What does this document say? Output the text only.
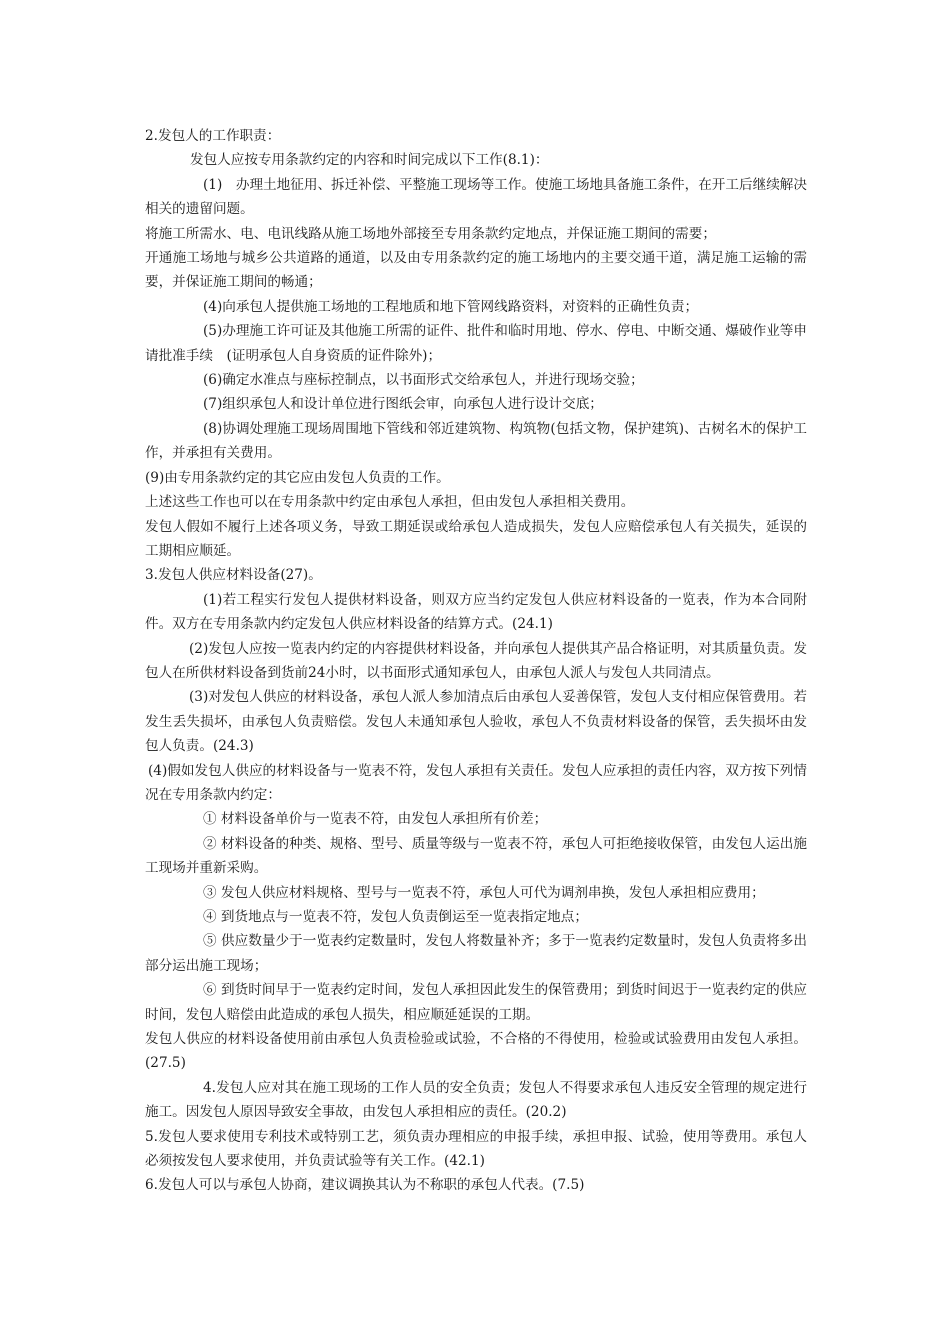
2.发包人的工作职责：

发包人应按专用条款约定的内容和时间完成以下工作(8.1)：

(1)　办理土地征用、拆迁补偿、平整施工现场等工作。使施工场地具备施工条件，在开工后继续解决相关的遗留问题。

将施工所需水、电、电讯线路从施工场地外部接至专用条款约定地点，并保证施工期间的需要；

开通施工场地与城乡公共道路的通道，以及由专用条款约定的施工场地内的主要交通干道，满足施工运输的需要，并保证施工期间的畅通；

(4)向承包人提供施工场地的工程地质和地下管网线路资料，对资料的正确性负责；

(5)办理施工许可证及其他施工所需的证件、批件和临时用地、停水、停电、中断交通、爆破作业等申请批准手续　(证明承包人自身资质的证件除外)；

(6)确定水准点与座标控制点，以书面形式交给承包人，并进行现场交验；

(7)组织承包人和设计单位进行图纸会审，向承包人进行设计交底；

(8)协调处理施工现场周围地下管线和邻近建筑物、构筑物(包括文物，保护建筑)、古树名木的保护工作，并承担有关费用。

(9)由专用条款约定的其它应由发包人负责的工作。

上述这些工作也可以在专用条款中约定由承包人承担，但由发包人承担相关费用。

发包人假如不履行上述各项义务，导致工期延误或给承包人造成损失，发包人应赔偿承包人有关损失，延误的工期相应顺延。

3.发包人供应材料设备(27)。

(1)若工程实行发包人提供材料设备，则双方应当约定发包人供应材料设备的一览表，作为本合同附件。双方在专用条款内约定发包人供应材料设备的结算方式。(24.1)

(2)发包人应按一览表内约定的内容提供材料设备，并向承包人提供其产品合格证明，对其质量负责。发包人在所供材料设备到货前24小时，以书面形式通知承包人，由承包人派人与发包人共同清点。

(3)对发包人供应的材料设备，承包人派人参加清点后由承包人妥善保管，发包人支付相应保管费用。若发生丢失损坏，由承包人负责赔偿。发包人未通知承包人验收，承包人不负责材料设备的保管，丢失损坏由发包人负责。(24.3)

(4)假如发包人供应的材料设备与一览表不符，发包人承担有关责任。发包人应承担的责任内容，双方按下列情况在专用条款内约定：

① 材料设备单价与一览表不符，由发包人承担所有价差；

② 材料设备的种类、规格、型号、质量等级与一览表不符，承包人可拒绝接收保管，由发包人运出施工现场并重新采购。

③ 发包人供应材料规格、型号与一览表不符，承包人可代为调剂串换，发包人承担相应费用；

④ 到货地点与一览表不符，发包人负责倒运至一览表指定地点；

⑤ 供应数量少于一览表约定数量时，发包人将数量补齐；多于一览表约定数量时，发包人负责将多出部分运出施工现场；

⑥ 到货时间早于一览表约定时间，发包人承担因此发生的保管费用；到货时间迟于一览表约定的供应时间，发包人赔偿由此造成的承包人损失，相应顺延延误的工期。

发包人供应的材料设备使用前由承包人负责检验或试验，不合格的不得使用，检验或试验费用由发包人承担。(27.5)

4.发包人应对其在施工现场的工作人员的安全负责；发包人不得要求承包人违反安全管理的规定进行施工。因发包人原因导致安全事故，由发包人承担相应的责任。(20.2)

5.发包人要求使用专利技术或特别工艺，须负责办理相应的申报手续，承担申报、试验，使用等费用。承包人必须按发包人要求使用，并负责试验等有关工作。(42.1)

6.发包人可以与承包人协商，建议调换其认为不称职的承包人代表。(7.5)
